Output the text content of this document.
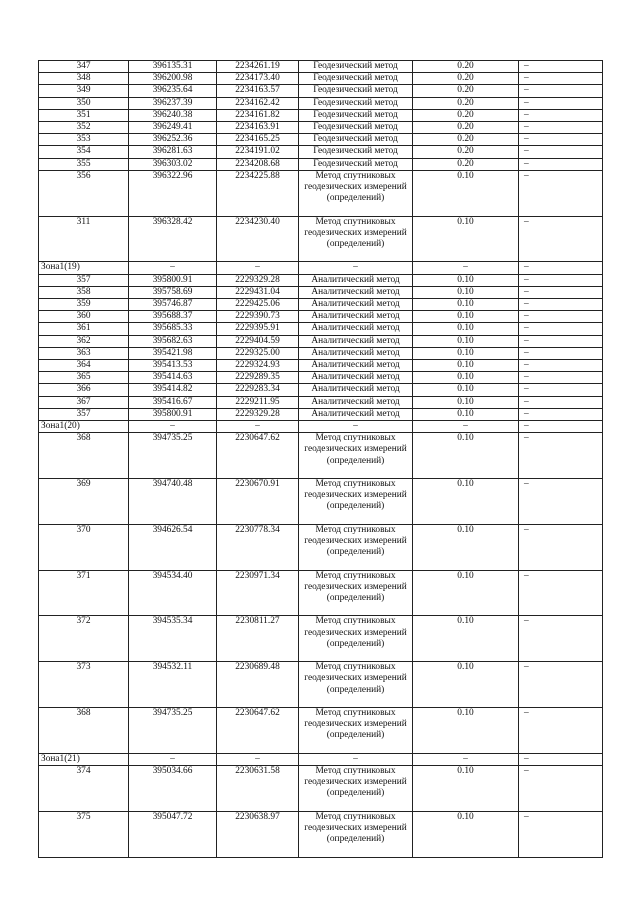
347	396135.31	2234261.19	Геодезический метод	0.20	–
348	396200.98	2234173.40	Геодезический метод	0.20	–
349	396235.64	2234163.57	Геодезический метод	0.20	–
350	396237.39	2234162.42	Геодезический метод	0.20	–
351	396240.38	2234161.82	Геодезический метод	0.20	–
352	396249.41	2234163.91	Геодезический метод	0.20	–
353	396252.36	2234165.25	Геодезический метод	0.20	–
354	396281.63	2234191.02	Геодезический метод	0.20	–
355	396303.02	2234208.68	Геодезический метод	0.20	–
356	396322.96	2234225.88	Метод спутниковых геодезических измерений (определений)	0.10	–
311	396328.42	2234230.40	Метод спутниковых геодезических измерений (определений)	0.10	–
Зона1(19)	–	–	–	–	–
357	395800.91	2229329.28	Аналитический метод	0.10	–
358	395758.69	2229431.04	Аналитический метод	0.10	–
359	395746.87	2229425.06	Аналитический метод	0.10	–
360	395688.37	2229390.73	Аналитический метод	0.10	–
361	395685.33	2229395.91	Аналитический метод	0.10	–
362	395682.63	2229404.59	Аналитический метод	0.10	–
363	395421.98	2229325.00	Аналитический метод	0.10	–
364	395413.53	2229324.93	Аналитический метод	0.10	–
365	395414.63	2229289.35	Аналитический метод	0.10	–
366	395414.82	2229283.34	Аналитический метод	0.10	–
367	395416.67	2229211.95	Аналитический метод	0.10	–
357	395800.91	2229329.28	Аналитический метод	0.10	–
Зона1(20)	–	–	–	–	–
368	394735.25	2230647.62	Метод спутниковых геодезических измерений (определений)	0.10	–
369	394740.48	2230670.91	Метод спутниковых геодезических измерений (определений)	0.10	–
370	394626.54	2230778.34	Метод спутниковых геодезических измерений (определений)	0.10	–
371	394534.40	2230971.34	Метод спутниковых геодезических измерений (определений)	0.10	–
372	394535.34	2230811.27	Метод спутниковых геодезических измерений (определений)	0.10	–
373	394532.11	2230689.48	Метод спутниковых геодезических измерений (определений)	0.10	–
368	394735.25	2230647.62	Метод спутниковых геодезических измерений (определений)	0.10	–
Зона1(21)	–	–	–	–	–
374	395034.66	2230631.58	Метод спутниковых геодезических измерений (определений)	0.10	–
375	395047.72	2230638.97	Метод спутниковых геодезических измерений (определений)	0.10	–
